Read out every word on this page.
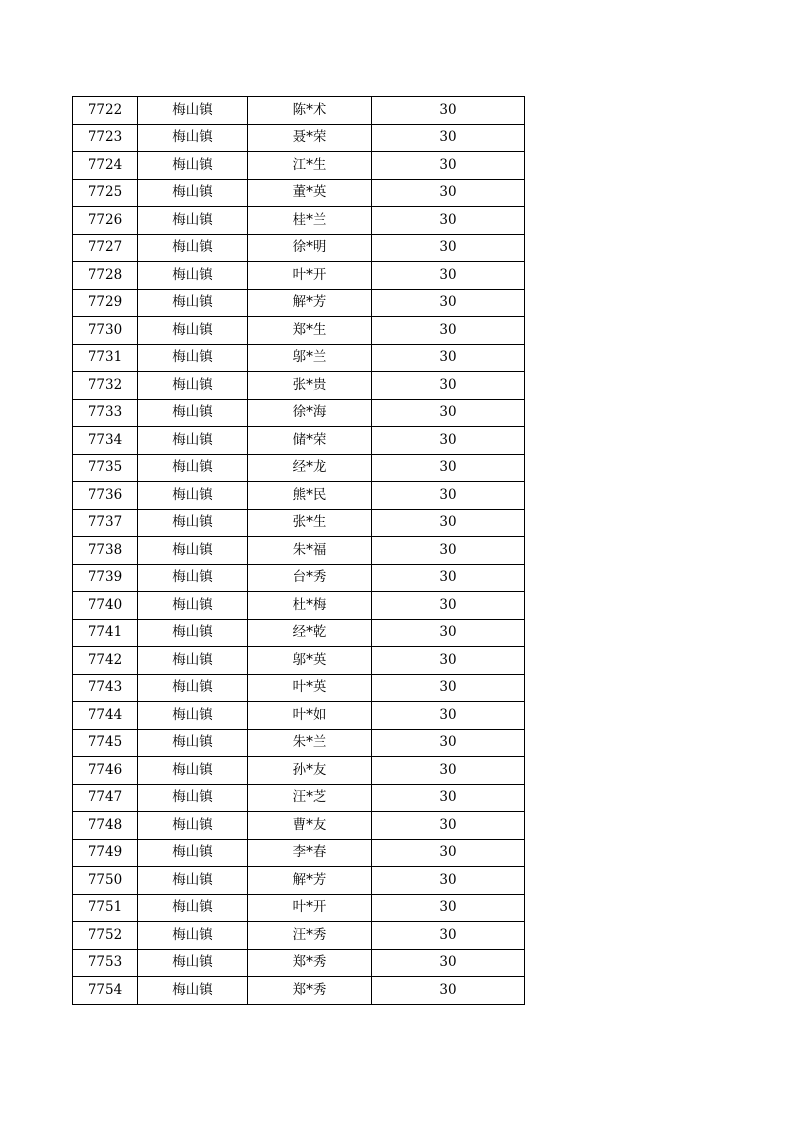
7722	梅山镇	陈*术	30
7723	梅山镇	聂*荣	30
7724	梅山镇	江*生	30
7725	梅山镇	董*英	30
7726	梅山镇	桂*兰	30
7727	梅山镇	徐*明	30
7728	梅山镇	叶*开	30
7729	梅山镇	解*芳	30
7730	梅山镇	郑*生	30
7731	梅山镇	邬*兰	30
7732	梅山镇	张*贵	30
7733	梅山镇	徐*海	30
7734	梅山镇	储*荣	30
7735	梅山镇	经*龙	30
7736	梅山镇	熊*民	30
7737	梅山镇	张*生	30
7738	梅山镇	朱*福	30
7739	梅山镇	台*秀	30
7740	梅山镇	杜*梅	30
7741	梅山镇	经*乾	30
7742	梅山镇	邬*英	30
7743	梅山镇	叶*英	30
7744	梅山镇	叶*如	30
7745	梅山镇	朱*兰	30
7746	梅山镇	孙*友	30
7747	梅山镇	汪*芝	30
7748	梅山镇	曹*友	30
7749	梅山镇	李*春	30
7750	梅山镇	解*芳	30
7751	梅山镇	叶*开	30
7752	梅山镇	汪*秀	30
7753	梅山镇	郑*秀	30
7754	梅山镇	郑*秀	30
